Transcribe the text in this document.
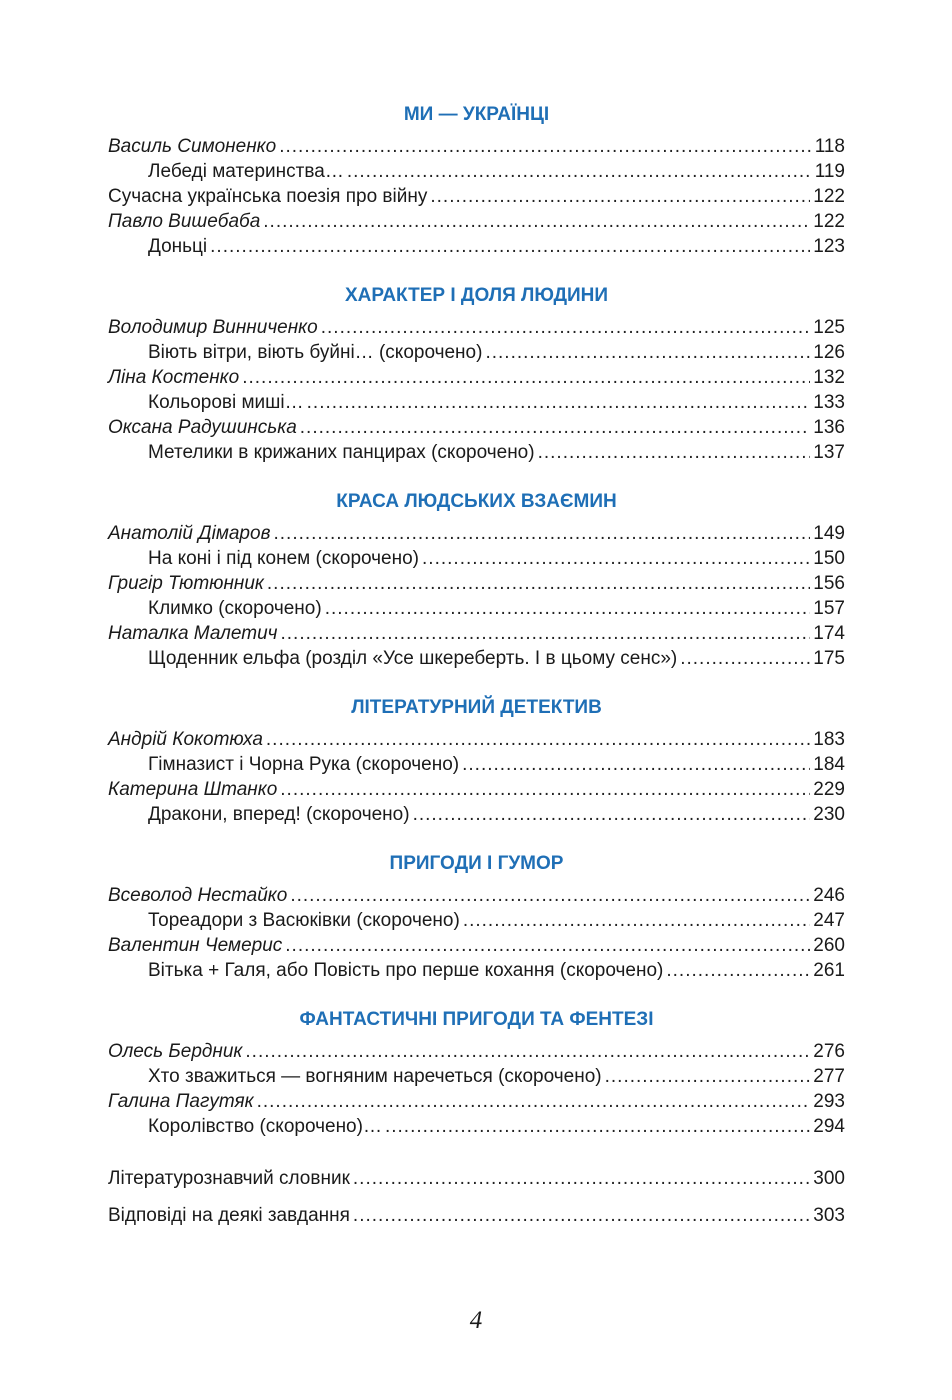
МИ — УКРАЇНЦІ
Василь Симоненко .....	118
Лебеді материнства… .....	119
Сучасна українська поезія про війну .....	122
Павло Вишебаба .....	122
Доньці .....	123
ХАРАКТЕР І ДОЛЯ ЛЮДИНИ
Володимир Винниченко .....	125
Віють вітри, віють буйні… (скорочено) .....	126
Ліна Костенко .....	132
Кольорові миші… .....	133
Оксана Радушинська .....	136
Метелики в крижаних панцирах (скорочено) .....	137
КРАСА ЛЮДСЬКИХ ВЗАЄМИН
Анатолій Дімаров .....	149
На коні і під конем (скорочено) .....	150
Григір Тютюнник .....	156
Климко (скорочено) .....	157
Наталка Малетич .....	174
Щоденник ельфа (розділ «Усе шкереберть. І в цьому сенс») .....	175
ЛІТЕРАТУРНИЙ ДЕТЕКТИВ
Андрій Кокотюха .....	183
Гімназист і Чорна Рука (скорочено) .....	184
Катерина Штанко .....	229
Дракони, вперед! (скорочено) .....	230
ПРИГОДИ І ГУМОР
Всеволод Нестайко .....	246
Тореадори з Васюківки (скорочено) .....	247
Валентин Чемерис .....	260
Вітька + Галя, або Повість про перше кохання (скорочено) .....	261
ФАНТАСТИЧНІ ПРИГОДИ ТА ФЕНТЕЗІ
Олесь Бердник .....	276
Хто зважиться — вогняним наречеться (скорочено) .....	277
Галина Пагутяк .....	293
Королівство (скорочено)… .....	294
Літературознавчий словник .....	300
Відповіді на деякі завдання .....	303
4
